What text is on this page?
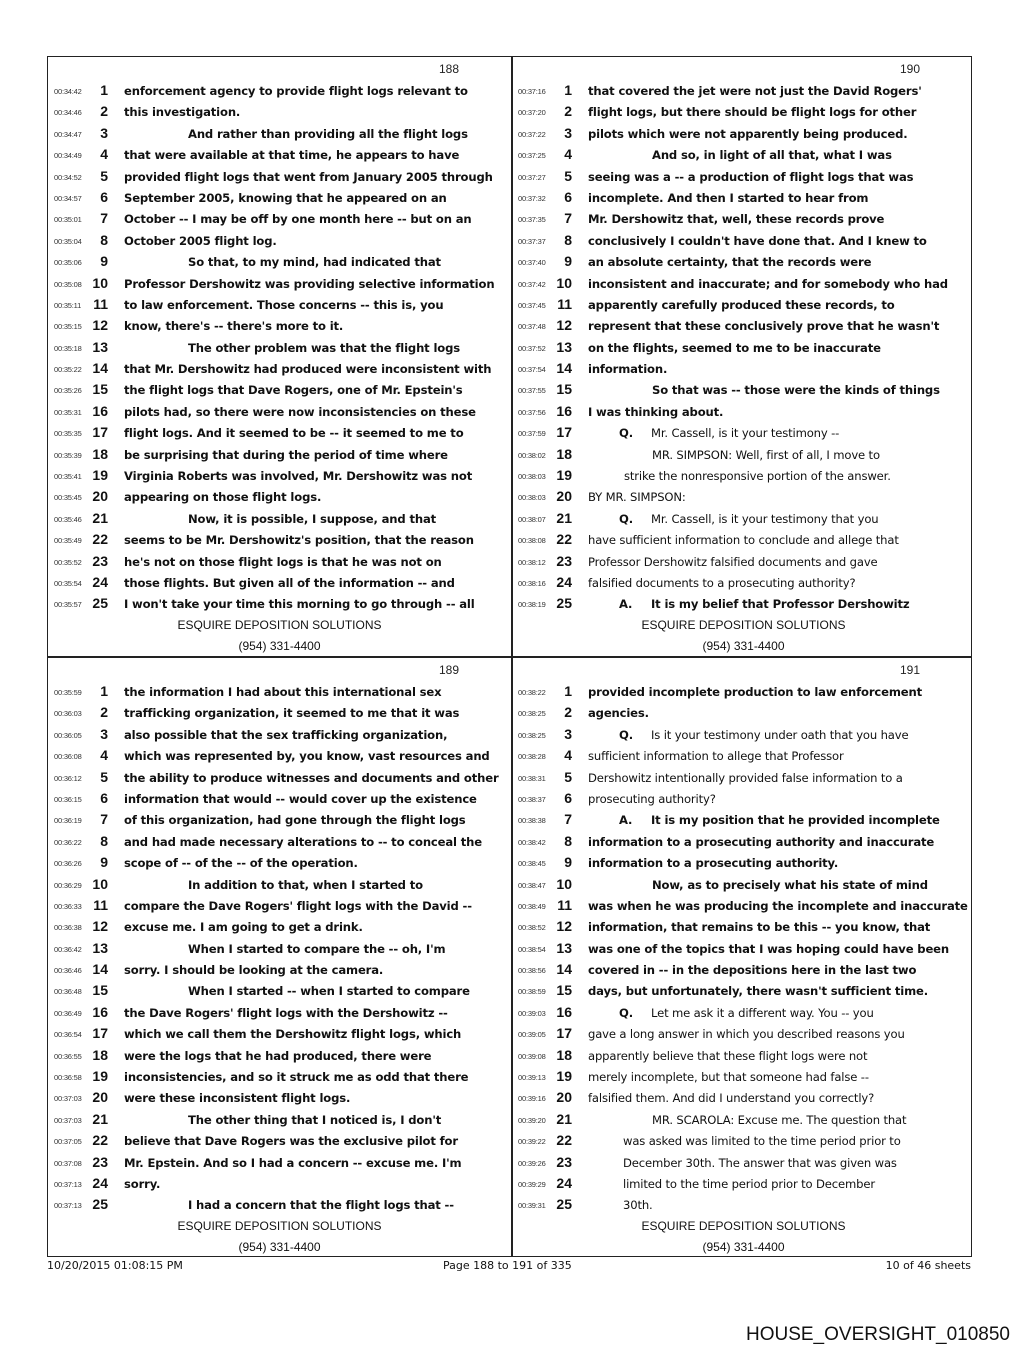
188
00:34:42	1 enforcement agency to provide flight logs relevant to
00:34:46	2 this investigation.
00:34:47	3	And rather than providing all the flight logs
00:34:49	4 that were available at that time, he appears to have
00:34:52	5 provided flight logs that went from January 2005 through
00:34:57	6 September 2005, knowing that he appeared on an
00:35:01	7 October -- I may be off by one month here -- but on an
00:35:04	8 October 2005 flight log.
00:35:06	9	So that, to my mind, had indicated that
00:35:08 10 Professor Dershowitz was providing selective information
00:35:11 11 to law enforcement. Those concerns -- this is, you
00:35:15 12 know, there's -- there's more to it.
00:35:18 13	The other problem was that the flight logs
00:35:22 14 that Mr. Dershowitz had produced were inconsistent with
00:35:26 15 the flight logs that Dave Rogers, one of Mr. Epstein's
00:35:31 16 pilots had, so there were now inconsistencies on these
00:35:35 17 flight logs. And it seemed to be -- it seemed to me to
00:35:39 18 be surprising that during the period of time where
00:35:41 19 Virginia Roberts was involved, Mr. Dershowitz was not
00:35:45 20 appearing on those flight logs.
00:35:46 21	Now, it is possible, I suppose, and that
00:35:49 22 seems to be Mr. Dershowitz's position, that the reason
00:35:52 23 he's not on those flight logs is that he was not on
00:35:54 24 those flights. But given all of the information -- and
00:35:57 25 I won't take your time this morning to go through -- all
ESQUIRE DEPOSITION SOLUTIONS
(954) 331-4400
190
00:37:16	1 that covered the jet were not just the David Rogers'
00:37:20	2 flight logs, but there should be flight logs for other
00:37:22	3 pilots which were not apparently being produced.
00:37:25	4	And so, in light of all that, what I was
00:37:27	5 seeing was a -- a production of flight logs that was
00:37:32	6 incomplete. And then I started to hear from
00:37:35	7 Mr. Dershowitz that, well, these records prove
00:37:37	8 conclusively I couldn't have done that. And I knew to
00:37:40	9 an absolute certainty, that the records were
00:37:42 10 inconsistent and inaccurate; and for somebody who had
00:37:45 11 apparently carefully produced these records, to
00:37:48 12 represent that these conclusively prove that he wasn't
00:37:52 13 on the flights, seemed to me to be inaccurate
00:37:54 14 information.
00:37:55 15	So that was -- those were the kinds of things
00:37:56 16 I was thinking about.
00:37:59 17	Q. Mr. Cassell, is it your testimony --
00:38:02 18	MR. SIMPSON: Well, first of all, I move to
00:38:03 19	strike the nonresponsive portion of the answer.
00:38:03 20 BY MR. SIMPSON:
00:38:07 21	Q. Mr. Cassell, is it your testimony that you
00:38:08 22 have sufficient information to conclude and allege that
00:38:12 23 Professor Dershowitz falsified documents and gave
00:38:16 24 falsified documents to a prosecuting authority?
00:38:19 25	A. It is my belief that Professor Dershowitz
ESQUIRE DEPOSITION SOLUTIONS
(954) 331-4400
189
00:35:59	1 the information I had about this international sex
00:36:03	2 trafficking organization, it seemed to me that it was
00:36:05	3 also possible that the sex trafficking organization,
00:36:08	4 which was represented by, you know, vast resources and
00:36:12	5 the ability to produce witnesses and documents and other
00:36:15	6 information that would -- would cover up the existence
00:36:19	7 of this organization, had gone through the flight logs
00:36:22	8 and had made necessary alterations to -- to conceal the
00:36:26	9 scope of -- of the -- of the operation.
00:36:29 10	In addition to that, when I started to
00:36:33 11 compare the Dave Rogers' flight logs with the David --
00:36:38 12 excuse me. I am going to get a drink.
00:36:42 13	When I started to compare the -- oh, I'm
00:36:46 14 sorry. I should be looking at the camera.
00:36:48 15	When I started -- when I started to compare
00:36:49 16 the Dave Rogers' flight logs with the Dershowitz --
00:36:54 17 which we call them the Dershowitz flight logs, which
00:36:55 18 were the logs that he had produced, there were
00:36:58 19 inconsistencies, and so it struck me as odd that there
00:37:03 20 were these inconsistent flight logs.
00:37:03 21	The other thing that I noticed is, I don't
00:37:05 22 believe that Dave Rogers was the exclusive pilot for
00:37:08 23 Mr. Epstein. And so I had a concern -- excuse me. I'm
00:37:13 24 sorry.
00:37:13 25	I had a concern that the flight logs that --
ESQUIRE DEPOSITION SOLUTIONS
(954) 331-4400
191
00:38:22	1 provided incomplete production to law enforcement
00:38:25	2 agencies.
00:38:25	3	Q. Is it your testimony under oath that you have
00:38:28	4 sufficient information to allege that Professor
00:38:31	5 Dershowitz intentionally provided false information to a
00:38:37	6 prosecuting authority?
00:38:38	7	A. It is my position that he provided incomplete
00:38:42	8 information to a prosecuting authority and inaccurate
00:38:45	9 information to a prosecuting authority.
00:38:47 10	Now, as to precisely what his state of mind
00:38:49 11 was when he was producing the incomplete and inaccurate
00:38:52 12 information, that remains to be this -- you know, that
00:38:54 13 was one of the topics that I was hoping could have been
00:38:56 14 covered in -- in the depositions here in the last two
00:38:59 15 days, but unfortunately, there wasn't sufficient time.
00:39:03 16	Q. Let me ask it a different way. You -- you
00:39:05 17 gave a long answer in which you described reasons you
00:39:08 18 apparently believe that these flight logs were not
00:39:13 19 merely incomplete, but that someone had false --
00:39:16 20 falsified them. And did I understand you correctly?
00:39:20 21	MR. SCAROLA: Excuse me. The question that
00:39:22 22	was asked was limited to the time period prior to
00:39:26 23	December 30th. The answer that was given was
00:39:29 24	limited to the time period prior to December
00:39:31 25	30th.
ESQUIRE DEPOSITION SOLUTIONS
(954) 331-4400
10/20/2015 01:08:15 PM	Page 188 to 191 of 335	10 of 46 sheets
HOUSE_OVERSIGHT_010850
